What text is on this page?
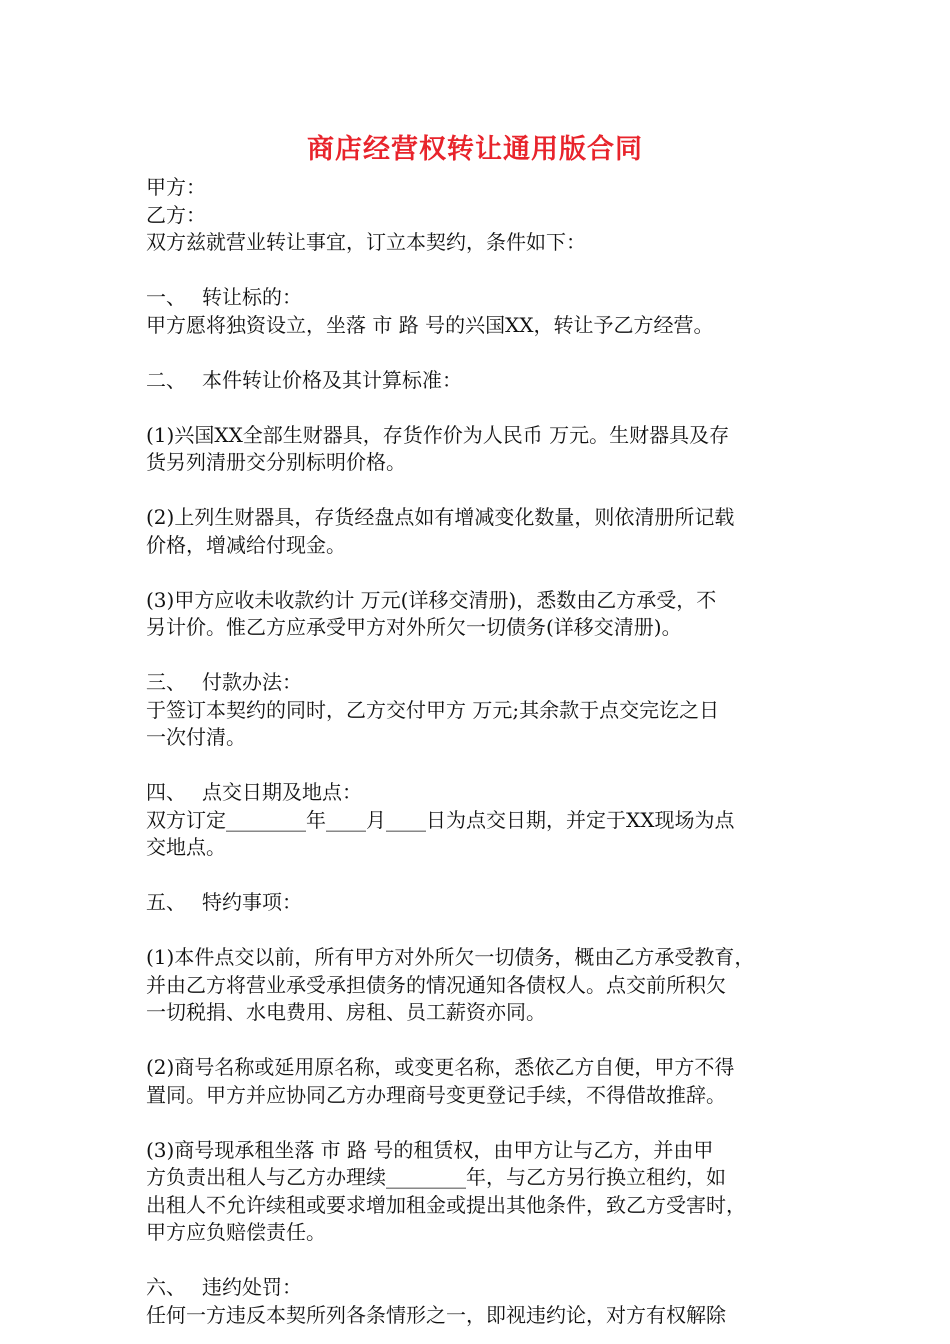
商店经营权转让通用版合同
甲方：
乙方：
双方兹就营业转让事宜，订立本契约，条件如下：
一、 转让标的：
甲方愿将独资设立，坐落 市 路 号的兴国XX，转让予乙方经营。
二、 本件转让价格及其计算标准：
(1)兴国XX全部生财器具，存货作价为人民币 万元。生财器具及存
货另列清册交分别标明价格。
(2)上列生财器具，存货经盘点如有增减变化数量，则依清册所记载
价格，增减给付现金。
(3)甲方应收未收款约计 万元(详移交清册)，悉数由乙方承受，不
另计价。惟乙方应承受甲方对外所欠一切债务(详移交清册)。
三、 付款办法：
于签订本契约的同时，乙方交付甲方 万元;其余款于点交完讫之日
一次付清。
四、 点交日期及地点：
双方订定________年____月____日为点交日期，并定于XX现场为点
交地点。
五、 特约事项：
(1)本件点交以前，所有甲方对外所欠一切债务，概由乙方承受教育，
并由乙方将营业承受承担债务的情况通知各债权人。点交前所积欠
一切税捐、水电费用、房租、员工薪资亦同。
(2)商号名称或延用原名称，或变更名称，悉依乙方自便，甲方不得
置同。甲方并应协同乙方办理商号变更登记手续，不得借故推辞。
(3)商号现承租坐落 市 路 号的租赁权，由甲方让与乙方，并由甲
方负责出租人与乙方办理续________年，与乙方另行换立租约，如
出租人不允许续租或要求增加租金或提出其他条件，致乙方受害时，
甲方应负赔偿责任。
六、 违约处罚：
任何一方违反本契所列各条情形之一，即视违约论，对方有权解除
